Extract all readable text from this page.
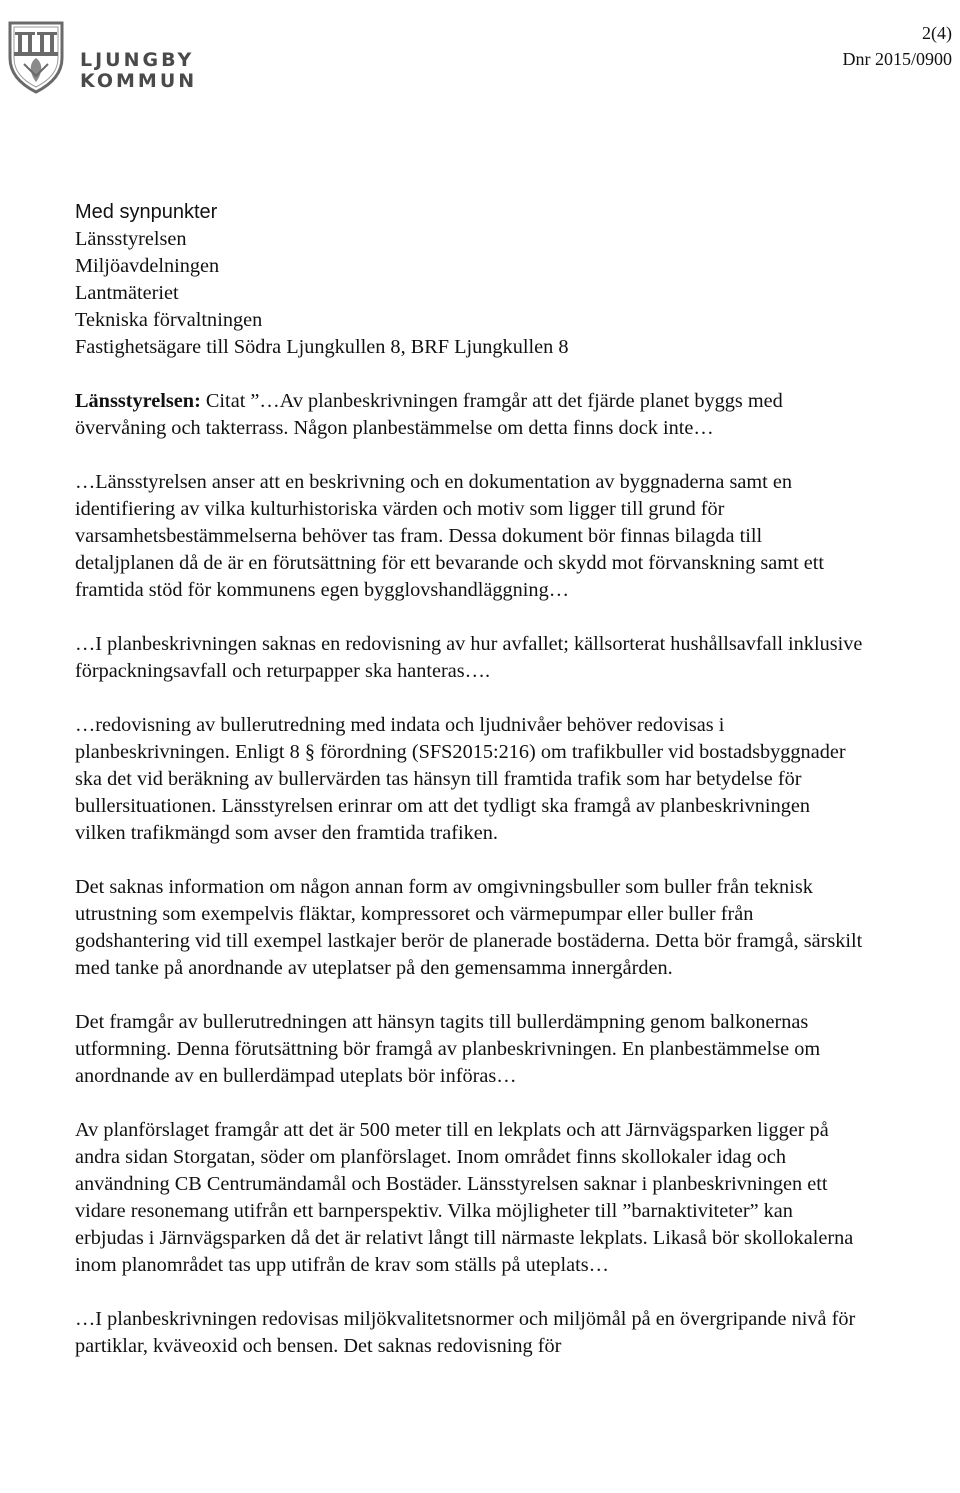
LJUNGBY
KOMMUN
2(4)
Dnr 2015/0900
Med synpunkter
Länsstyrelsen
Miljöavdelningen
Lantmäteriet
Tekniska förvaltningen
Fastighetsägare till Södra Ljungkullen 8, BRF Ljungkullen 8
Länsstyrelsen: Citat ”…Av planbeskrivningen framgår att det fjärde planet byggs med övervåning och takterrass. Någon planbestämmelse om detta finns dock inte…
…Länsstyrelsen anser att en beskrivning och en dokumentation av byggnaderna samt en identifiering av vilka kulturhistoriska värden och motiv som ligger till grund för varsamhetsbestämmelserna behöver tas fram. Dessa dokument bör finnas bilagda till detaljplanen då de är en förutsättning för ett bevarande och skydd mot förvanskning samt ett framtida stöd för kommunens egen bygglovshandläggning…
…I planbeskrivningen saknas en redovisning av hur avfallet; källsorterat hushållsavfall inklusive förpackningsavfall och returpapper ska hanteras….
…redovisning av bullerutredning med indata och ljudnivåer behöver redovisas i planbeskrivningen. Enligt 8 § förordning (SFS2015:216) om trafikbuller vid bostadsbyggnader ska det vid beräkning av bullervärden tas hänsyn till framtida trafik som har betydelse för bullersituationen. Länsstyrelsen erinrar om att det tydligt ska framgå av planbeskrivningen vilken trafikmängd som avser den framtida trafiken.
Det saknas information om någon annan form av omgivningsbuller som buller från teknisk utrustning som exempelvis fläktar, kompressoret och värmepumpar eller buller från godshantering vid till exempel lastkajer berör de planerade bostäderna. Detta bör framgå, särskilt med tanke på anordnande av uteplatser på den gemensamma innergården.
Det framgår av bullerutredningen att hänsyn tagits till bullerdämpning genom balkonernas utformning. Denna förutsättning bör framgå av planbeskrivningen. En planbestämmelse om anordnande av en bullerdämpad uteplats bör införas…
Av planförslaget framgår att det är 500 meter till en lekplats och att Järnvägsparken ligger på andra sidan Storgatan, söder om planförslaget. Inom området finns skollokaler idag och användning CB Centrumändamål och Bostäder. Länsstyrelsen saknar i planbeskrivningen ett vidare resonemang utifrån ett barnperspektiv. Vilka möjligheter till ”barnaktiviteter” kan erbjudas i Järnvägsparken då det är relativt långt till närmaste lekplats. Likaså bör skollokalerna inom planområdet tas upp utifrån de krav som ställs på uteplats…
…I planbeskrivningen redovisas miljökvalitetsnormer och miljömål på en övergripande nivå för partiklar, kväveoxid och bensen. Det saknas redovisning för
